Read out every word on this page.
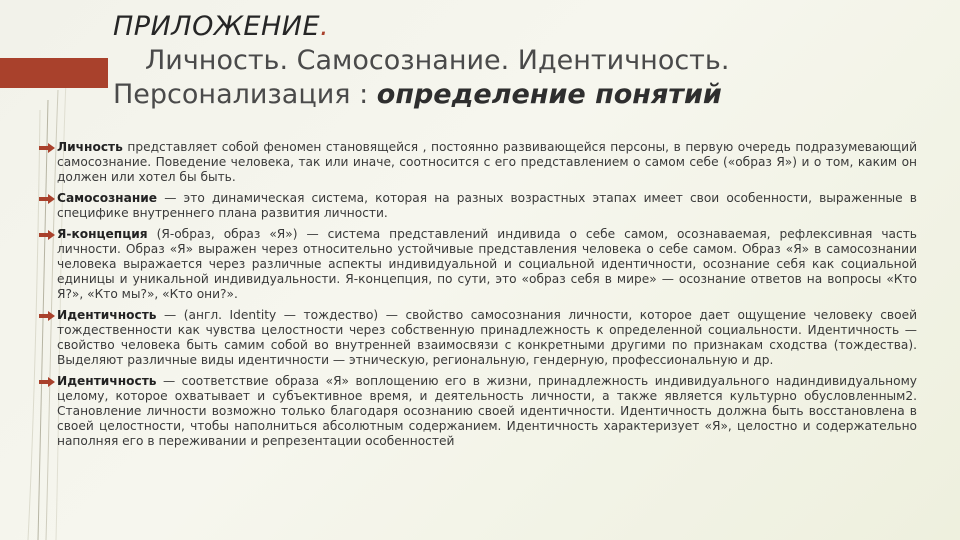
ПРИЛОЖЕНИЕ.
Личность. Самосознание. Идентичность.
Персонализация : определение понятий
Личность представляет собой феномен становящейся , постоянно развивающейся персоны, в первую очередь подразумевающий самосознание. Поведение человека, так или иначе, соотносится с его представлением о самом себе («образ Я») и о том, каким он должен или хотел бы быть.
Самосознание — это динамическая система, которая на разных возрастных этапах имеет свои особенности, выраженные в специфике внутреннего плана развития личности.
Я-концепция (Я-образ, образ «Я») — система представлений индивида о себе самом, осознаваемая, рефлексивная часть личности. Образ «Я» выражен через относительно устойчивые представления человека о себе самом. Образ «Я» в самосознании человека выражается через различные аспекты индивидуальной и социальной идентичности, осознание себя как социальной единицы и уникальной индивидуальности. Я-концепция, по сути, это «образ себя в мире» — осознание ответов на вопросы «Кто Я?», «Кто мы?», «Кто они?».
Идентичность — (англ. Identity — тождество) — свойство самосознания личности, которое дает ощущение человеку своей тождественности как чувства целостности через собственную принадлежность к определенной социальности. Идентичность — свойство человека быть самим собой во внутренней взаимосвязи с конкретными другими по признакам сходства (тождества). Выделяют различные виды идентичности — этническую, региональную, гендерную, профессиональную и др.
Идентичность — соответствие образа «Я» воплощению его в жизни, принадлежность индивидуального надиндивидуальному целому, которое охватывает и субъективное время, и деятельность личности, а также является культурно обусловленным2. Становление личности возможно только благодаря осознанию своей идентичности. Идентичность должна быть восстановлена в своей целостности, чтобы наполниться абсолютным содержанием. Идентичность характеризует «Я», целостно и содержательно наполняя его в переживании и репрезентации особенностей
